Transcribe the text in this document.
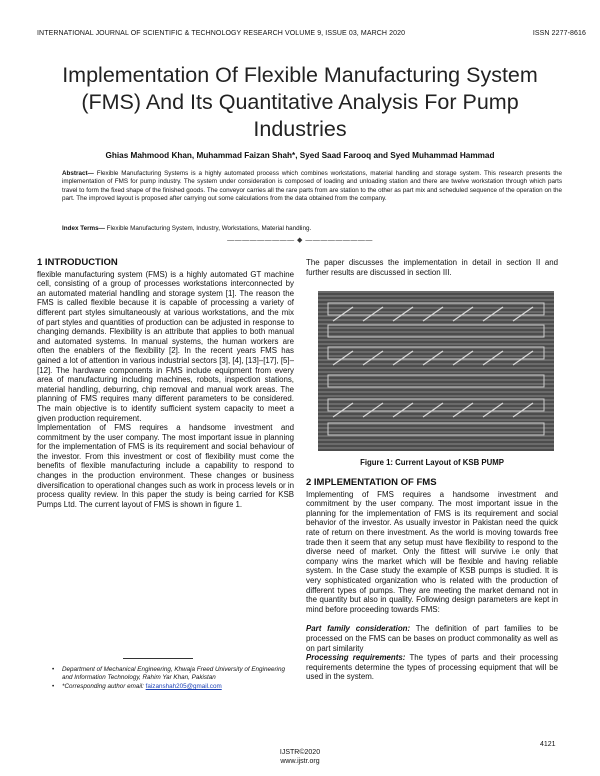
INTERNATIONAL JOURNAL OF SCIENTIFIC & TECHNOLOGY RESEARCH VOLUME 9, ISSUE 03, MARCH 2020	ISSN 2277-8616
Implementation Of Flexible Manufacturing System
(FMS) And Its Quantitative Analysis For Pump
Industries
Ghias Mahmood Khan, Muhammad Faizan Shah*, Syed Saad Farooq and Syed Muhammad Hammad
Abstract— Flexible Manufacturing Systems is a highly automated process which combines workstations, material handling and storage system. This research presents the implementation of FMS for pump industry. The system under consideration is composed of loading and unloading station and there are twelve workstation through which parts travel to form the fixed shape of the finished goods. The conveyor carries all the rare parts from are station to the other as part mix and scheduled sequence of the operation on the part. The improved layout is proposed after carrying out some calculations from the data obtained from the company.
Index Terms— Flexible Manufacturing System, Industry, Workstations, Material handling.
————————— ◆ —————————
1 INTRODUCTION

flexible manufacturing system (FMS) is a highly automated GT machine cell, consisting of a group of processes workstations interconnected by an automated material handling and storage system [1]. The reason the FMS is called flexible because it is capable of processing a variety of different part styles simultaneously at various workstations, and the mix of part styles and quantities of production can be adjusted in response to changing demands. Flexibility is an attribute that applies to both manual and automated systems. In manual systems, the human workers are often the enablers of the flexibility [2]. In the recent years FMS has gained a lot of attention in various industrial sectors [3], [4], [13]–[17], [5]–[12]. The hardware components in FMS include equipment from every area of manufacturing including machines, robots, inspection stations, material handling, deburring, chip removal and manual work areas. The planning of FMS requires many different parameters to be considered. The main objective is to identify sufficient system capacity to meet a given production requirement.

Implementation of FMS requires a handsome investment and commitment by the user company. The most important issue in planning for the implementation of FMS is its requirement and social behaviour of the investor. From this investment or cost of flexibility must come the benefits of flexible manufacturing include a capability to respond to changes in the production environment. These changes or business diversification to operational changes such as work in process levels or in process quality review. In this paper the study is being carried for KSB Pumps Ltd. The current layout of FMS is shown in figure 1.

The paper discusses the implementation in detail in section II and further results are discussed in section III.
Figure 1: Current Layout of KSB PUMP
2 IMPLEMENTATION OF FMS

Implementing of FMS requires a handsome investment and commitment by the user company. The most important issue in the planning for the implementation of FMS is its requirement and social behavior of the investor. As usually investor in Pakistan need the quick rate of return on there investment. As the world is moving towards free trade then it seem that any setup must have flexibility to respond to the diverse need of market. Only the fittest will survive i.e only that company wins the market which will be flexible and having reliable system. In the Case study the example of KSB pumps is studied. It is very sophisticated organization who is related with the production of different types of pumps. They are meeting the market demand not in the quantity but also in quality. Following design parameters are kept in mind before proceeding towards FMS:

Part family consideration: The definition of part families to be processed on the FMS can be bases on product commonality as well as on part similarity

Processing requirements: The types of parts and their processing requirements determine the types of processing equipment that will be used in the system.

• Department of Mechanical Engineering, Khwaja Freed University of Engineering and Information Technology, Rahim Yar Khan, Pakistan
• *Corresponding author email: faizanshah205@gmail.com
4121
IJSTR©2020
www.ijstr.org
